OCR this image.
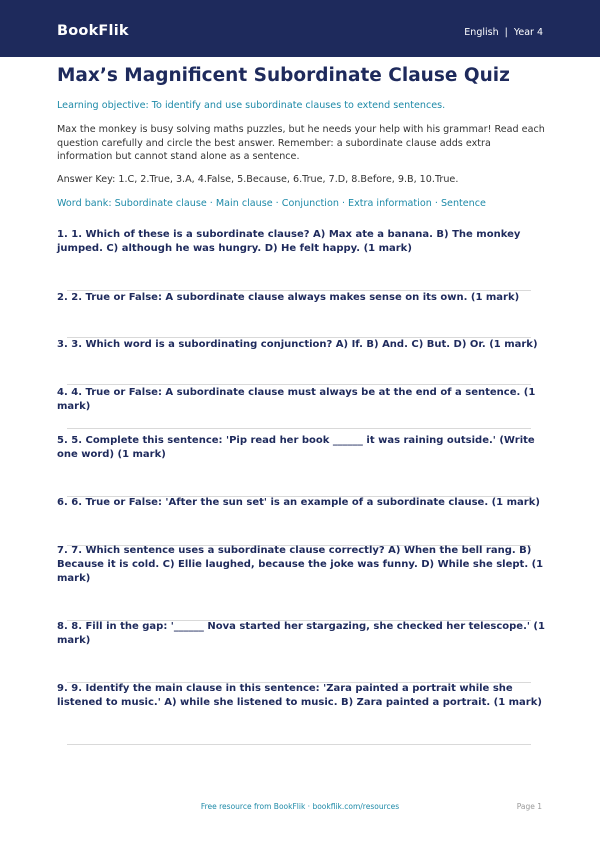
BookFlik	English | Year 4
Max’s Magnificent Subordinate Clause Quiz
Learning objective: To identify and use subordinate clauses to extend sentences.
Max the monkey is busy solving maths puzzles, but he needs your help with his grammar! Read each question carefully and circle the best answer. Remember: a subordinate clause adds extra information but cannot stand alone as a sentence.
Answer Key: 1.C, 2.True, 3.A, 4.False, 5.Because, 6.True, 7.D, 8.Before, 9.B, 10.True.
Word bank: Subordinate clause · Main clause · Conjunction · Extra information · Sentence
1. 1. Which of these is a subordinate clause? A) Max ate a banana. B) The monkey jumped. C) although he was hungry. D) He felt happy. (1 mark)
2. 2. True or False: A subordinate clause always makes sense on its own. (1 mark)
3. 3. Which word is a subordinating conjunction? A) If. B) And. C) But. D) Or. (1 mark)
4. 4. True or False: A subordinate clause must always be at the end of a sentence. (1 mark)
5. 5. Complete this sentence: 'Pip read her book ______ it was raining outside.' (Write one word) (1 mark)
6. 6. True or False: 'After the sun set' is an example of a subordinate clause. (1 mark)
7. 7. Which sentence uses a subordinate clause correctly? A) When the bell rang. B) Because it is cold. C) Ellie laughed, because the joke was funny. D) While she slept. (1 mark)
8. 8. Fill in the gap: '______ Nova started her stargazing, she checked her telescope.' (1 mark)
9. 9. Identify the main clause in this sentence: 'Zara painted a portrait while she listened to music.' A) while she listened to music. B) Zara painted a portrait. (1 mark)
Free resource from BookFlik · bookflik.com/resources	Page 1
